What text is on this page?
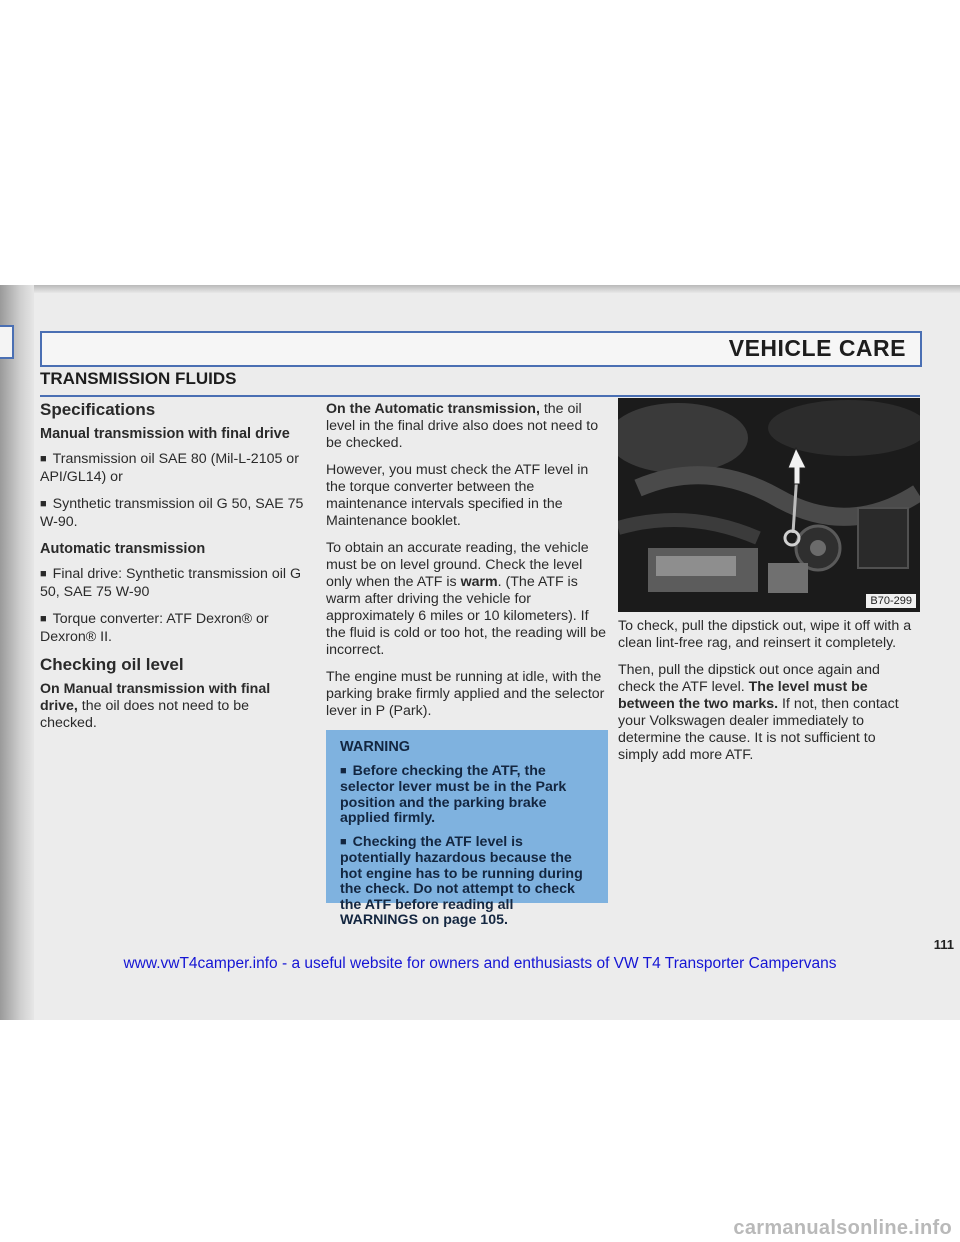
VEHICLE CARE
TRANSMISSION FLUIDS
Specifications
Manual transmission with final drive

■ Transmission oil SAE 80 (Mil-L-2105 or API/GL14) or

■ Synthetic transmission oil G 50, SAE 75 W-90.

Automatic transmission

■ Final drive: Synthetic transmission oil G 50, SAE 75 W-90

■ Torque converter: ATF Dexron® or Dexron® II.

Checking oil level

On Manual transmission with final drive, the oil does not need to be checked.

On the Automatic transmission, the oil level in the final drive also does not need to be checked.

However, you must check the ATF level in the torque converter between the maintenance intervals specified in the Maintenance booklet.

To obtain an accurate reading, the vehicle must be on level ground. Check the level only when the ATF is warm. (The ATF is warm after driving the vehicle for approximately 6 miles or 10 kilometers). If the fluid is cold or too hot, the reading will be incorrect.

The engine must be running at idle, with the parking brake firmly applied and the selector lever in P (Park).

WARNING

■ Before checking the ATF, the selector lever must be in the Park position and the parking brake applied firmly.

■ Checking the ATF level is potentially hazardous because the hot engine has to be running during the check. Do not attempt to check the ATF before reading all WARNINGS on page 105.

B70-299

To check, pull the dipstick out, wipe it off with a clean lint-free rag, and reinsert it completely.

Then, pull the dipstick out once again and check the ATF level. The level must be between the two marks. If not, then contact your Volkswagen dealer immediately to determine the cause. It is not sufficient to simply add more ATF.

111
www.vwT4camper.info - a useful website for owners and enthusiasts of VW T4 Transporter Campervans
carmanualsonline.info
